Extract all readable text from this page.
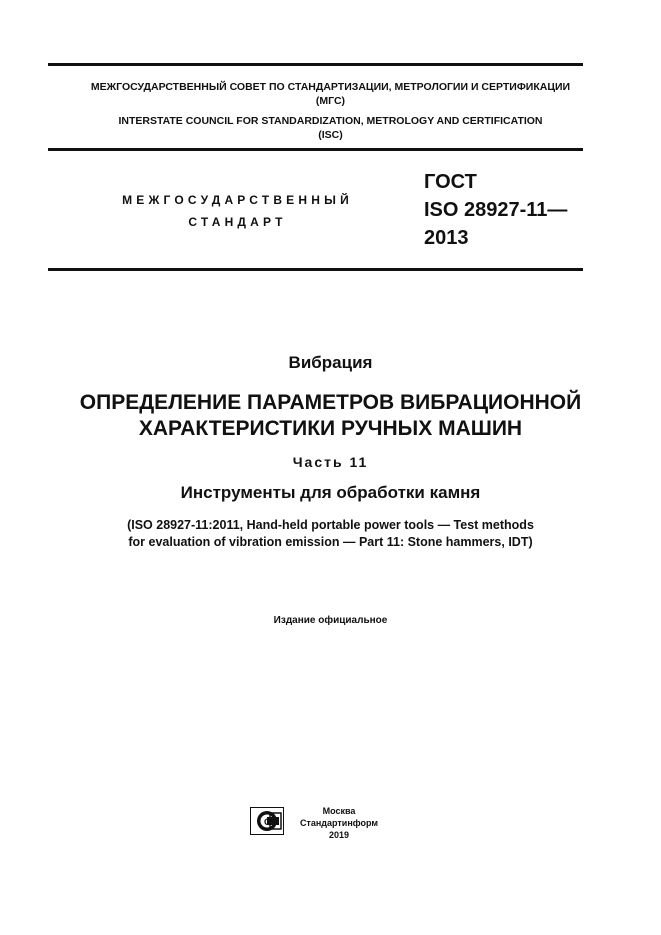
МЕЖГОСУДАРСТВЕННЫЙ СОВЕТ ПО СТАНДАРТИЗАЦИИ, МЕТРОЛОГИИ И СЕРТИФИКАЦИИ
(МГС)
INTERSTATE COUNCIL FOR STANDARDIZATION, METROLOGY AND CERTIFICATION
(ISC)
МЕЖГОСУДАРСТВЕННЫЙ
СТАНДАРТ
ГОСТ
ISO 28927-11—
2013
Вибрация
ОПРЕДЕЛЕНИЕ ПАРАМЕТРОВ ВИБРАЦИОННОЙ
ХАРАКТЕРИСТИКИ РУЧНЫХ МАШИН
Часть 11
Инструменты для обработки камня
(ISO 28927-11:2011, Hand-held portable power tools — Test methods
for evaluation of vibration emission — Part 11: Stone hammers, IDT)
Издание официальное
С
Москва
Стандартинформ
2019
